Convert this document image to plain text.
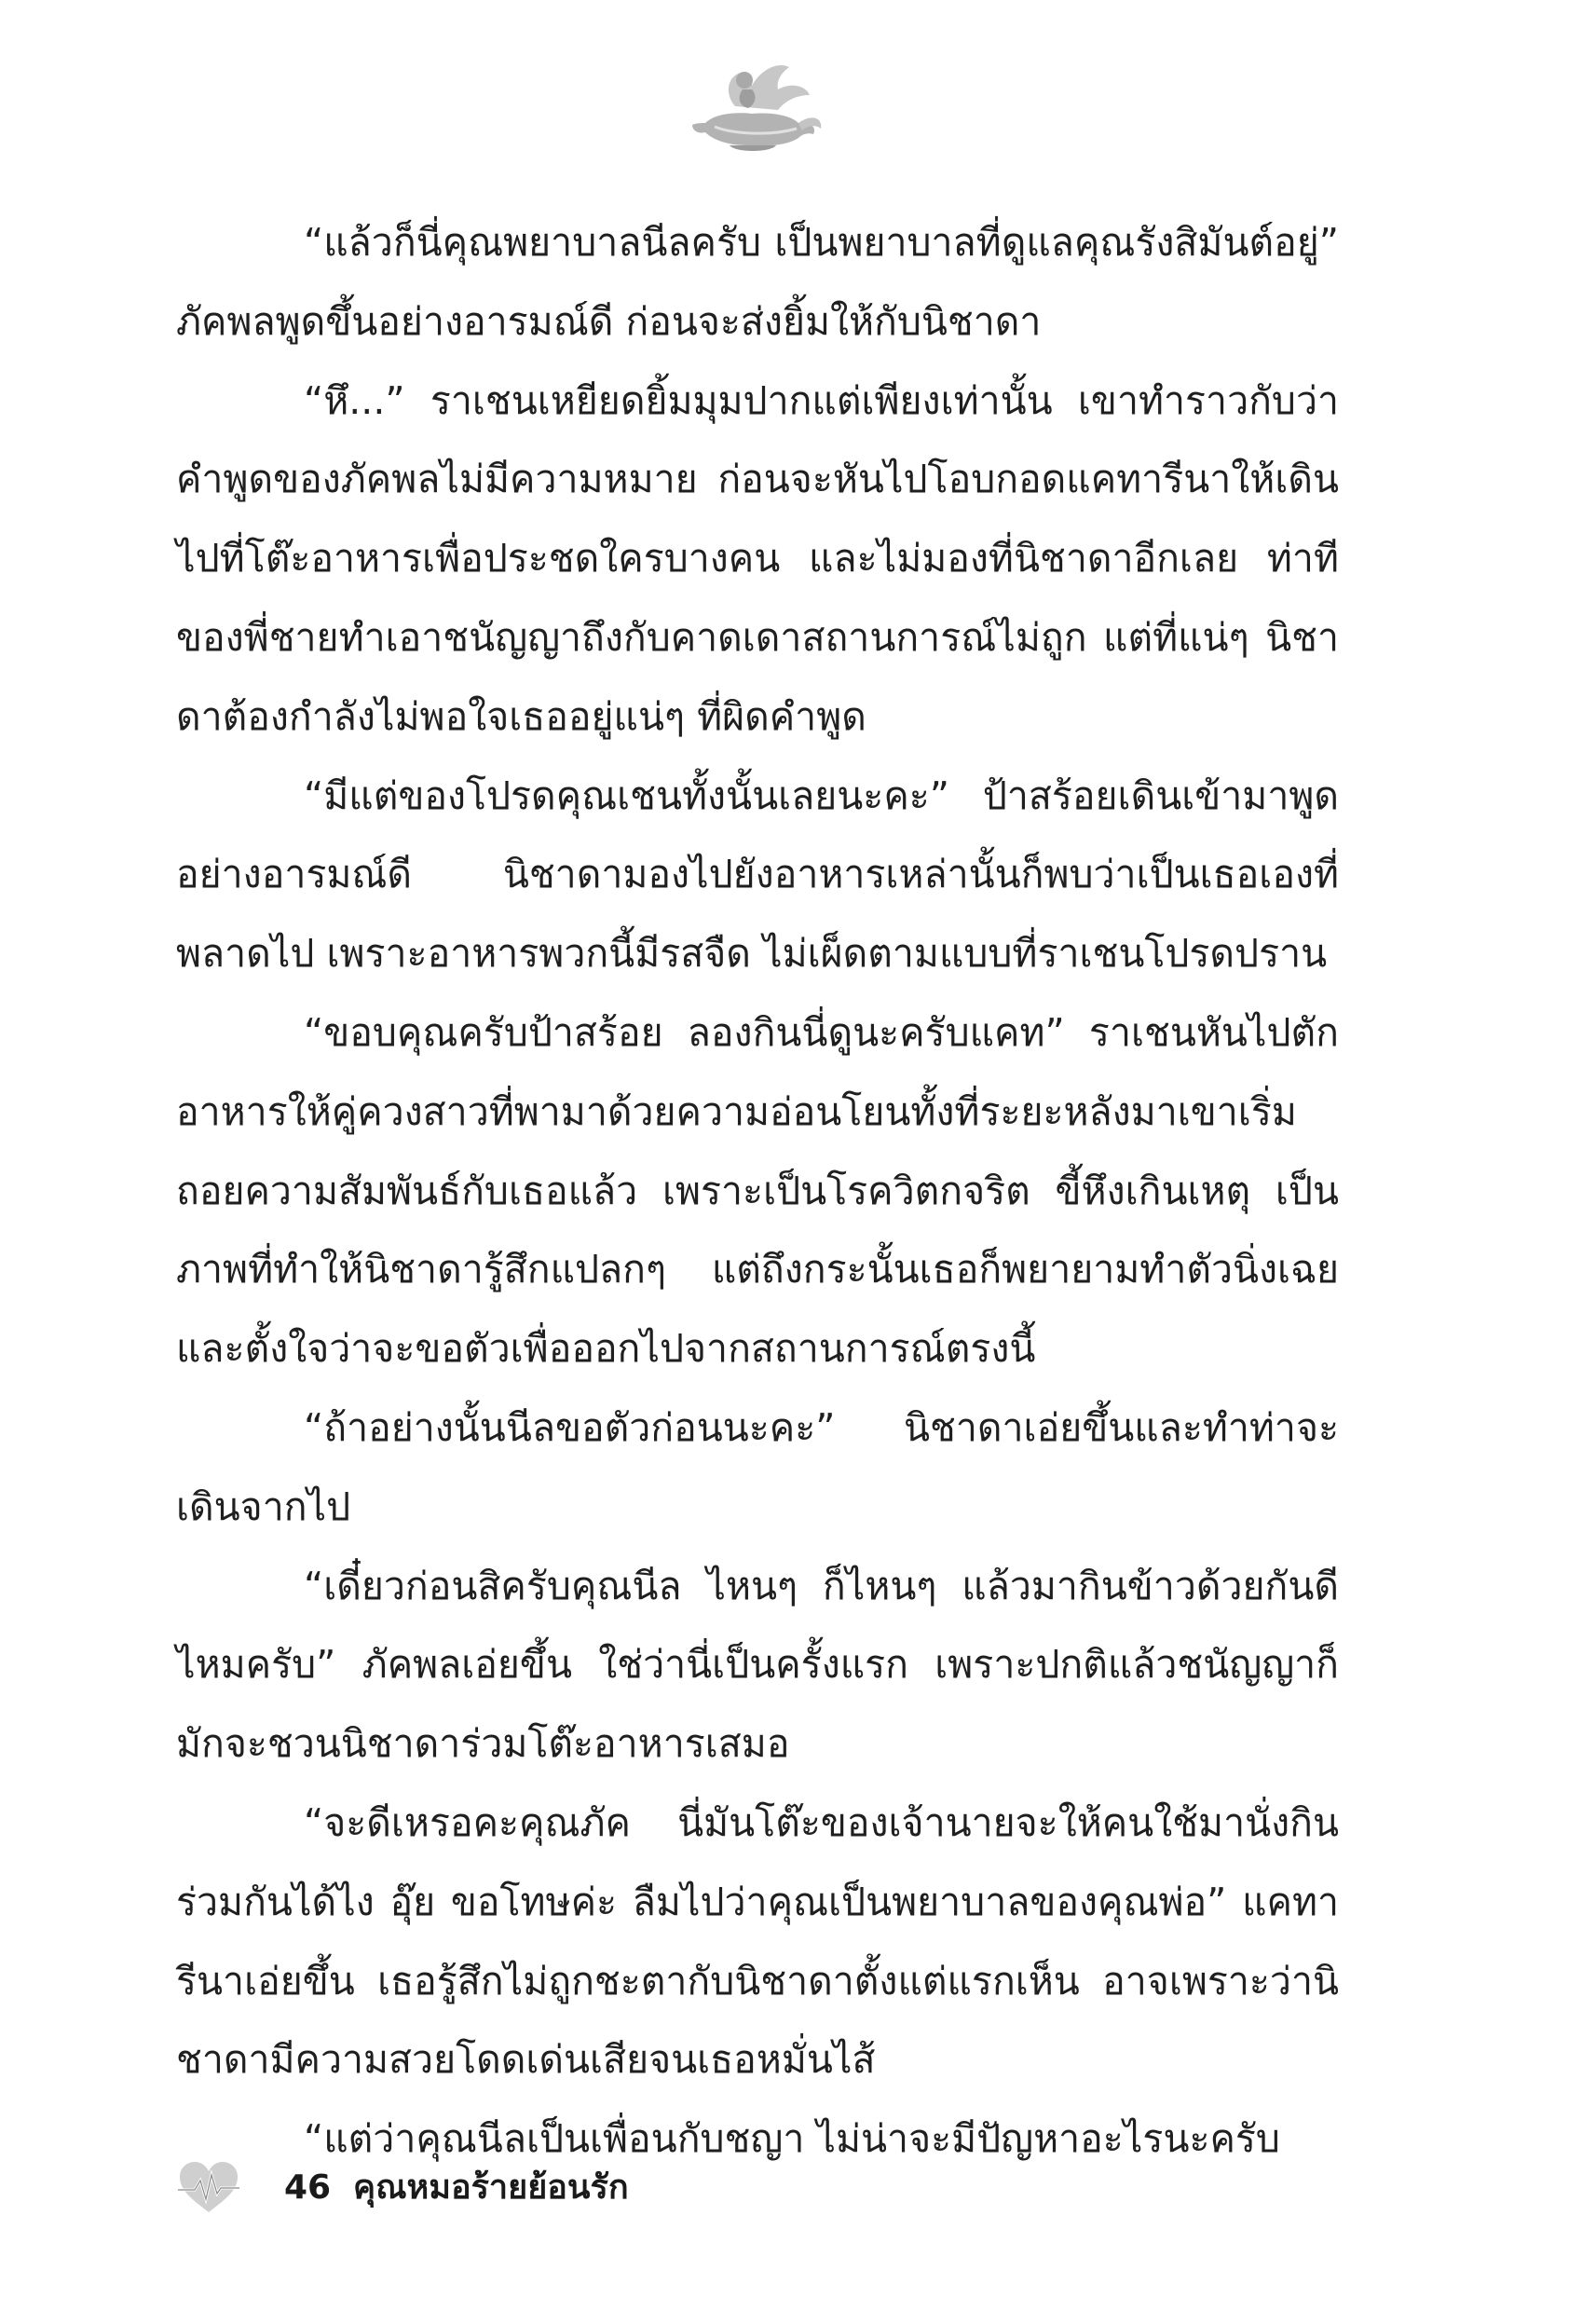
“แล้วก็นี่คุณพยาบาลนีลครับ เป็นพยาบาลที่ดูแลคุณรังสิมันต์อยู่” ภัคพลพูดขึ้นอย่างอารมณ์ดี ก่อนจะส่งยิ้มให้กับนิชาดา

“หึ...” ราเชนเหยียดยิ้มมุมปากแต่เพียงเท่านั้น เขาทำราวกับว่าคำพูดของภัคพลไม่มีความหมาย ก่อนจะหันไปโอบกอดแคทารีนาให้เดินไปที่โต๊ะอาหารเพื่อประชดใครบางคน และไม่มองที่นิชาดาอีกเลย ท่าทีของพี่ชายทำเอาชนัญญาถึงกับคาดเดาสถานการณ์ไม่ถูก แต่ที่แน่ๆ นิชาดาต้องกำลังไม่พอใจเธออยู่แน่ๆ ที่ผิดคำพูด

“มีแต่ของโปรดคุณเชนทั้งนั้นเลยนะคะ” ป้าสร้อยเดินเข้ามาพูดอย่างอารมณ์ดี นิชาดามองไปยังอาหารเหล่านั้นก็พบว่าเป็นเธอเองที่พลาดไป เพราะอาหารพวกนี้มีรสจืด ไม่เผ็ดตามแบบที่ราเชนโปรดปราน

“ขอบคุณครับป้าสร้อย ลองกินนี่ดูนะครับแคท” ราเชนหันไปตักอาหารให้คู่ควงสาวที่พามาด้วยความอ่อนโยนทั้งที่ระยะหลังมาเขาเริ่มถอยความสัมพันธ์กับเธอแล้ว เพราะเป็นโรควิตกจริต ขี้หึงเกินเหตุ เป็นภาพที่ทำให้นิชาดารู้สึกแปลกๆ แต่ถึงกระนั้นเธอก็พยายามทำตัวนิ่งเฉยและตั้งใจว่าจะขอตัวเพื่อออกไปจากสถานการณ์ตรงนี้

“ถ้าอย่างนั้นนีลขอตัวก่อนนะคะ” นิชาดาเอ่ยขึ้นและทำท่าจะเดินจากไป

“เดี๋ยวก่อนสิครับคุณนีล ไหนๆ ก็ไหนๆ แล้วมากินข้าวด้วยกันดีไหมครับ” ภัคพลเอ่ยขึ้น ใช่ว่านี่เป็นครั้งแรก เพราะปกติแล้วชนัญญาก็มักจะชวนนิชาดาร่วมโต๊ะอาหารเสมอ

“จะดีเหรอคะคุณภัค นี่มันโต๊ะของเจ้านายจะให้คนใช้มานั่งกินร่วมกันได้ไง อุ๊ย ขอโทษค่ะ ลืมไปว่าคุณเป็นพยาบาลของคุณพ่อ” แคทารีนาเอ่ยขึ้น เธอรู้สึกไม่ถูกชะตากับนิชาดาตั้งแต่แรกเห็น อาจเพราะว่านิชาดามีความสวยโดดเด่นเสียจนเธอหมั่นไส้

“แต่ว่าคุณนีลเป็นเพื่อนกับชญา ไม่น่าจะมีปัญหาอะไรนะครับ

46 คุณหมอร้ายย้อนรัก
